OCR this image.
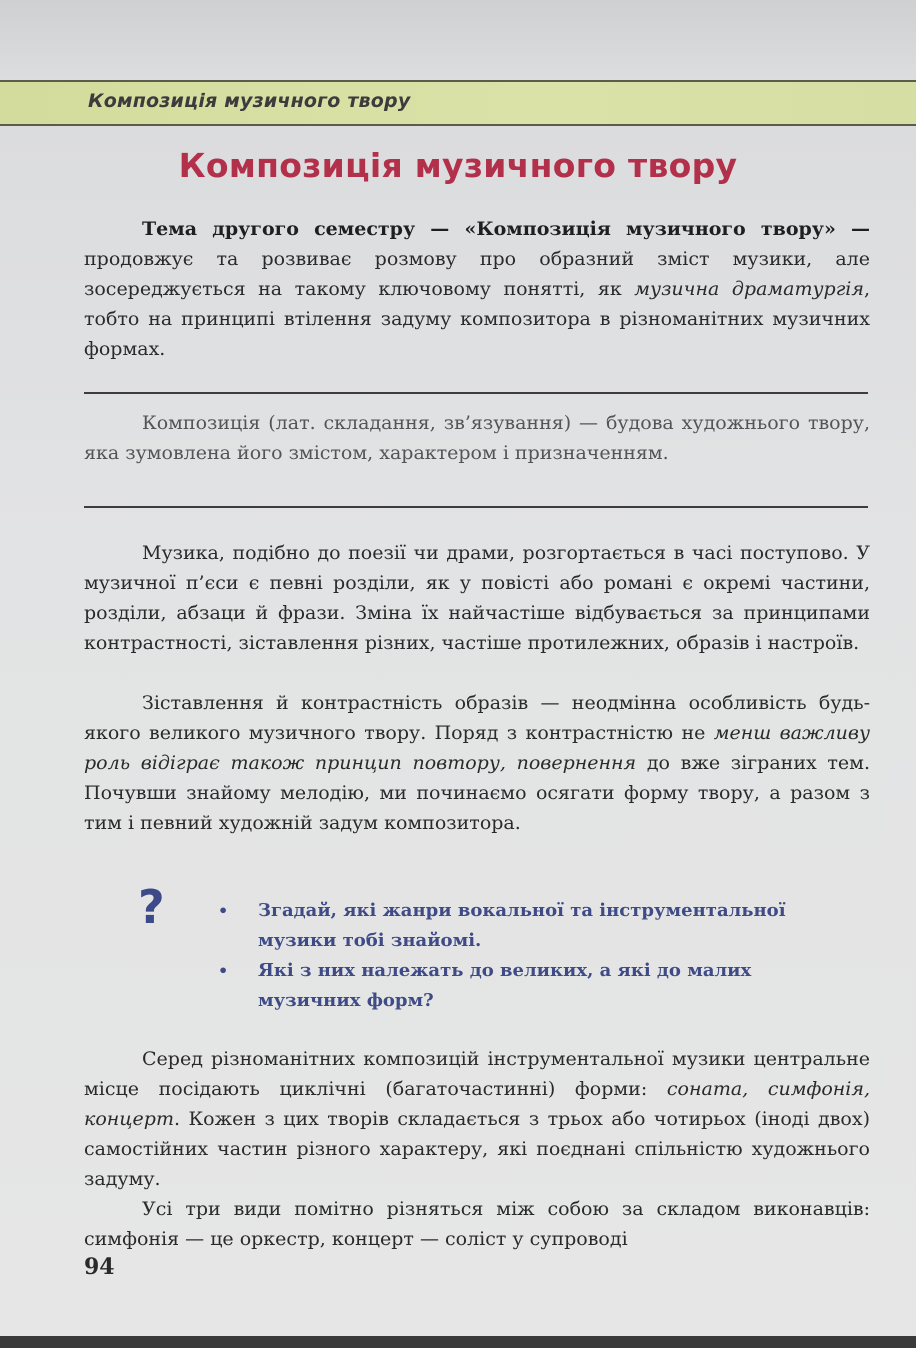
Композиція музичного твору
Композиція музичного твору
Тема другого семестру — «Композиція музичного твору» — продовжує та розвиває розмову про образний зміст музики, але зосереджується на такому ключовому понятті, як музична драматургія, тобто на принципі втілення задуму композитора в різноманітних музичних формах.
Композиція (лат. складання, зв’язування) — будова художнього твору, яка зумовлена його змістом, характером і призначенням.
Музика, подібно до поезії чи драми, розгортається в часі поступово. У музичної п’єси є певні розділи, як у повісті або романі є окремі частини, розділи, абзаци й фрази. Зміна їх найчастіше відбувається за принципами контрастності, зіставлення різних, частіше протилежних, образів і настроїв.
Зіставлення й контрастність образів — неодмінна особливість будь-якого великого музичного твору. Поряд з контрастністю не менш важливу роль відіграє також принцип повтору, повернення до вже зіграних тем. Почувши знайому мелодію, ми починаємо осягати форму твору, а разом з тим і певний художній задум композитора.
?	• Згадай, які жанри вокальної та інструментальної музики тобі знайомі.
• Які з них належать до великих, а які до малих музичних форм?
Серед різноманітних композицій інструментальної музики центральне місце посідають циклічні (багаточастинні) форми: соната, симфонія, концерт. Кожен з цих творів складається з трьох або чотирьох (іноді двох) самостійних частин різного характеру, які поєднані спільністю художнього задуму.
Усі три види помітно різняться між собою за складом виконавців: симфонія — це оркестр, концерт — соліст у супроводі
94
